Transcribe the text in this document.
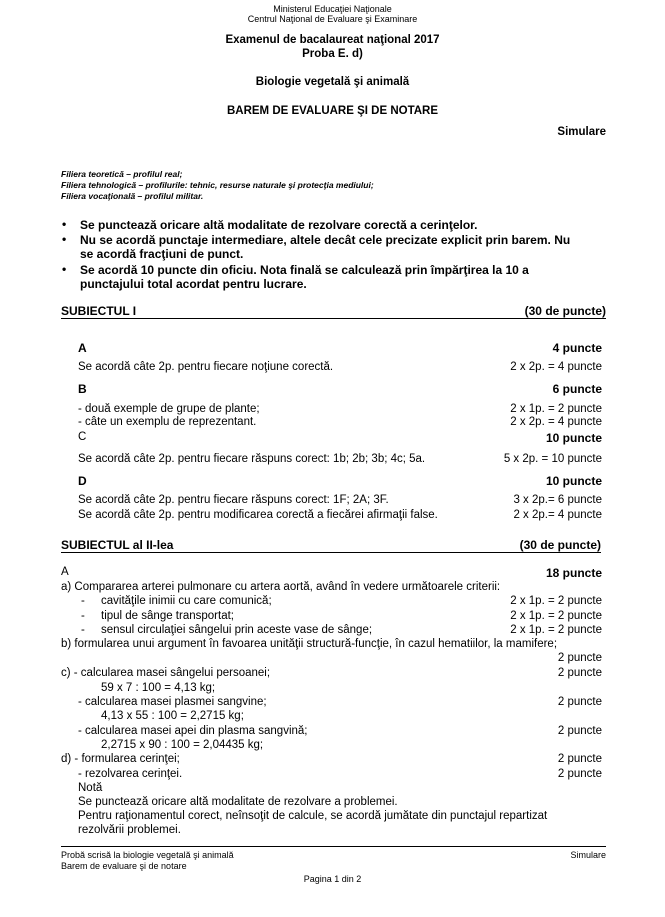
Ministerul Educaţiei Naţionale
Centrul Naţional de Evaluare şi Examinare
Examenul de bacalaureat naţional 2017
Proba E. d)
Biologie vegetală şi animală
BAREM DE EVALUARE ŞI DE NOTARE
Simulare
Filiera teoretică – profilul real;
Filiera tehnologică – profilurile: tehnic, resurse naturale şi protecţia mediului;
Filiera vocaţională – profilul militar.
• Se punctează oricare altă modalitate de rezolvare corectă a cerinţelor.
• Nu se acordă punctaje intermediare, altele decât cele precizate explicit prin barem. Nu
se acordă fracţiuni de punct.
• Se acordă 10 puncte din oficiu. Nota finală se calculează prin împărţirea la 10 a
punctajului total acordat pentru lucrare.
SUBIECTUL I	(30 de puncte)
A	4 puncte
Se acordă câte 2p. pentru fiecare noţiune corectă.	2 x 2p. = 4 puncte
B	6 puncte
- două exemple de grupe de plante;	2 x 1p. = 2 puncte
- câte un exemplu de reprezentant.	2 x 2p. = 4 puncte
C	10 puncte
Se acordă câte 2p. pentru fiecare răspuns corect: 1b; 2b; 3b; 4c; 5a.	5 x 2p. = 10 puncte
D	10 puncte
Se acordă câte 2p. pentru fiecare răspuns corect: 1F; 2A; 3F.	3 x 2p.= 6 puncte
Se acordă câte 2p. pentru modificarea corectă a fiecărei afirmaţii false.	2 x 2p.= 4 puncte
SUBIECTUL al II-lea	(30 de puncte)
A	18 puncte
a) Compararea arterei pulmonare cu artera aortă, având în vedere următoarele criterii:
- cavităţile inimii cu care comunică;	2 x 1p. = 2 puncte
- tipul de sânge transportat;	2 x 1p. = 2 puncte
- sensul circulaţiei sângelui prin aceste vase de sânge;	2 x 1p. = 2 puncte
b) formularea unui argument în favoarea unităţii structură-funcţie, în cazul hematiilor, la mamifere;
2 puncte
c) - calcularea masei sângelui persoanei;	2 puncte
59 x 7 : 100 = 4,13 kg;
- calcularea masei plasmei sangvine;	2 puncte
4,13 x 55 : 100 = 2,2715 kg;
- calcularea masei apei din plasma sangvină;	2 puncte
2,2715 x 90 : 100 = 2,04435 kg;
d) - formularea cerinţei;	2 puncte
- rezolvarea cerinţei.	2 puncte
Notă
Se punctează oricare altă modalitate de rezolvare a problemei.
Pentru raţionamentul corect, neînsoţit de calcule, se acordă jumătate din punctajul repartizat
rezolvării problemei.
Probă scrisă la biologie vegetală şi animală	Simulare
Barem de evaluare şi de notare
Pagina 1 din 2
